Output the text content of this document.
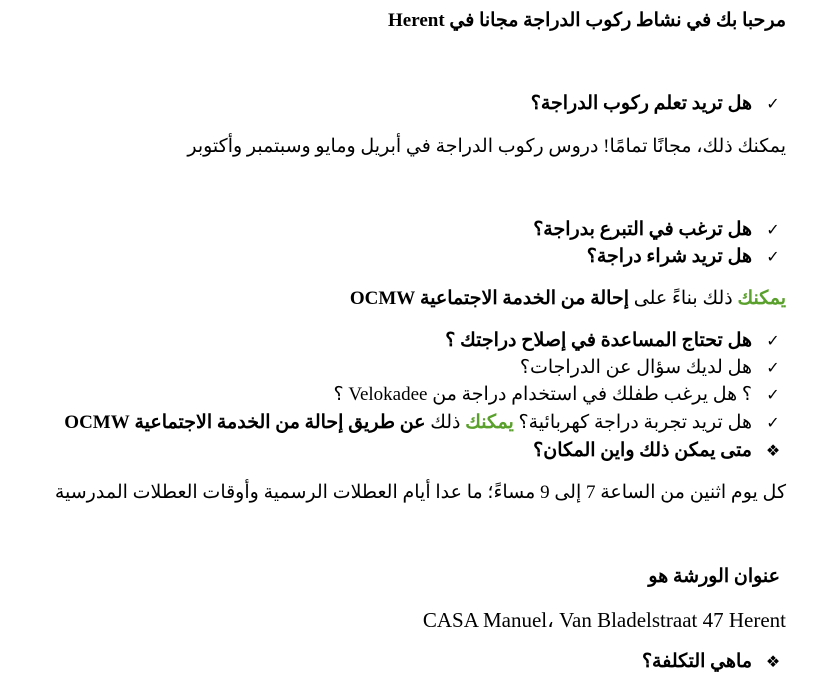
مرحبا بك في نشاط ركوب الدراجة مجانا في Herent
✓هل تريد تعلم ركوب الدراجة؟
يمكنك ذلك، مجانًا تمامًا! دروس ركوب الدراجة في أبريل ومايو وسبتمبر وأكتوبر
✓هل ترغب في التبرع بدراجة؟
✓هل تريد شراء دراجة؟
يمكنك ذلك بناءً على إحالة من الخدمة الاجتماعية OCMW
✓هل تحتاج المساعدة في إصلاح دراجتك ؟
✓هل لديك سؤال عن الدراجات؟
✓؟ هل يرغب طفلك في استخدام دراجة من Velokadee ؟
✓هل تريد تجربة دراجة كهربائية؟ يمكنك ذلك عن طريق إحالة من الخدمة الاجتماعية OCMW
❖متى يمكن ذلك واين المكان؟
كل يوم اثنين من الساعة 7 إلى 9 مساءً؛ ما عدا أيام العطلات الرسمية وأوقات العطلات المدرسية
عنوان الورشة هو
CASA Manuel، Van Bladelstraat 47 Herent
❖ماهي التكلفة؟
